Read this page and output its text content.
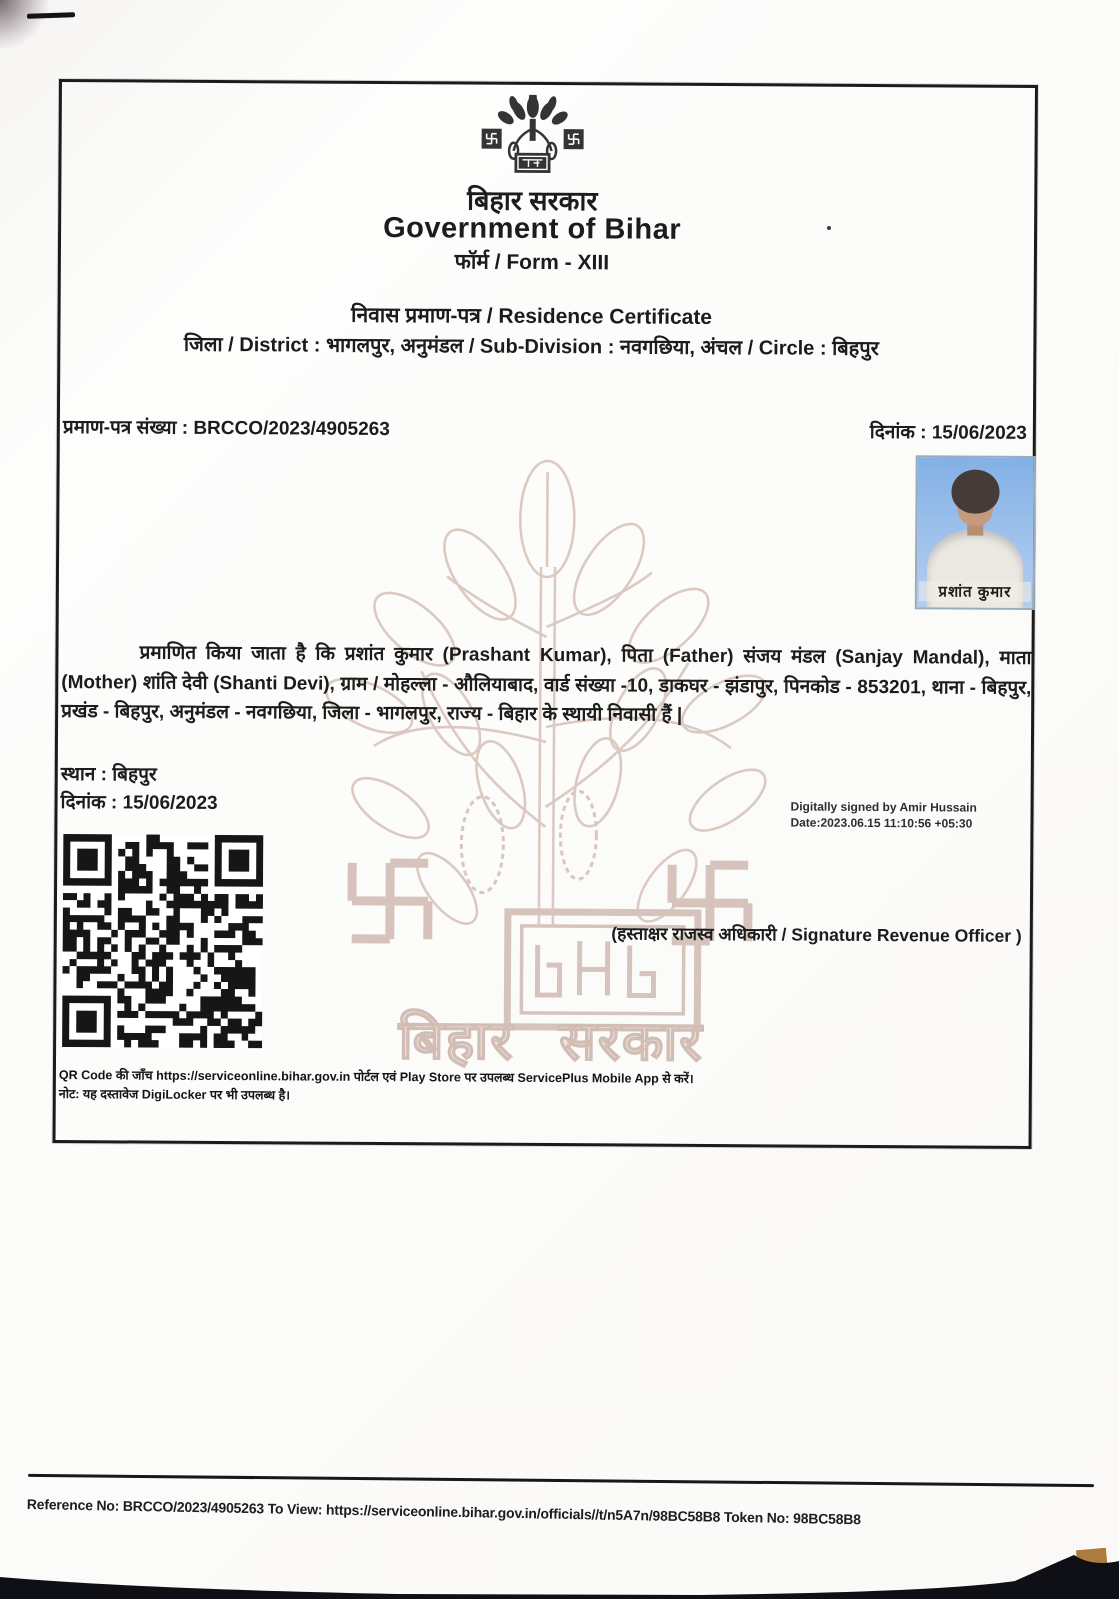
बिहार सरकार
Government of Bihar
फॉर्म / Form - XIII
निवास प्रमाण-पत्र / Residence Certificate
जिला / District : भागलपुर, अनुमंडल / Sub-Division : नवगछिया, अंचल / Circle : बिहपुर
प्रमाण-पत्र संख्या : BRCCO/2023/4905263	दिनांक : 15/06/2023
प्रशांत कुमार
बिहार सरकार
प्रमाणित किया जाता है कि प्रशांत कुमार (Prashant Kumar), पिता (Father) संजय मंडल (Sanjay Mandal), माता (Mother) शांति देवी (Shanti Devi), ग्राम / मोहल्ला - औलियाबाद, वार्ड संख्या -10, डाकघर - झंडापुर, पिनकोड - 853201, थाना - बिहपुर, प्रखंड - बिहपुर, अनुमंडल - नवगछिया, जिला - भागलपुर, राज्य - बिहार के स्थायी निवासी हैं |
स्थान : बिहपुर
दिनांक : 15/06/2023	Digitally signed by Amir Hussain
Date:2023.06.15 11:10:56 +05:30
(हस्ताक्षर राजस्व अधिकारी / Signature Revenue Officer )
QR Code की जाँच https://serviceonline.bihar.gov.in पोर्टल एवं Play Store पर उपलब्ध ServicePlus Mobile App से करें।
नोट: यह दस्तावेज DigiLocker पर भी उपलब्ध है।
Reference No: BRCCO/2023/4905263 To View: https://serviceonline.bihar.gov.in/officials//t/n5A7n/98BC58B8 Token No: 98BC58B8
